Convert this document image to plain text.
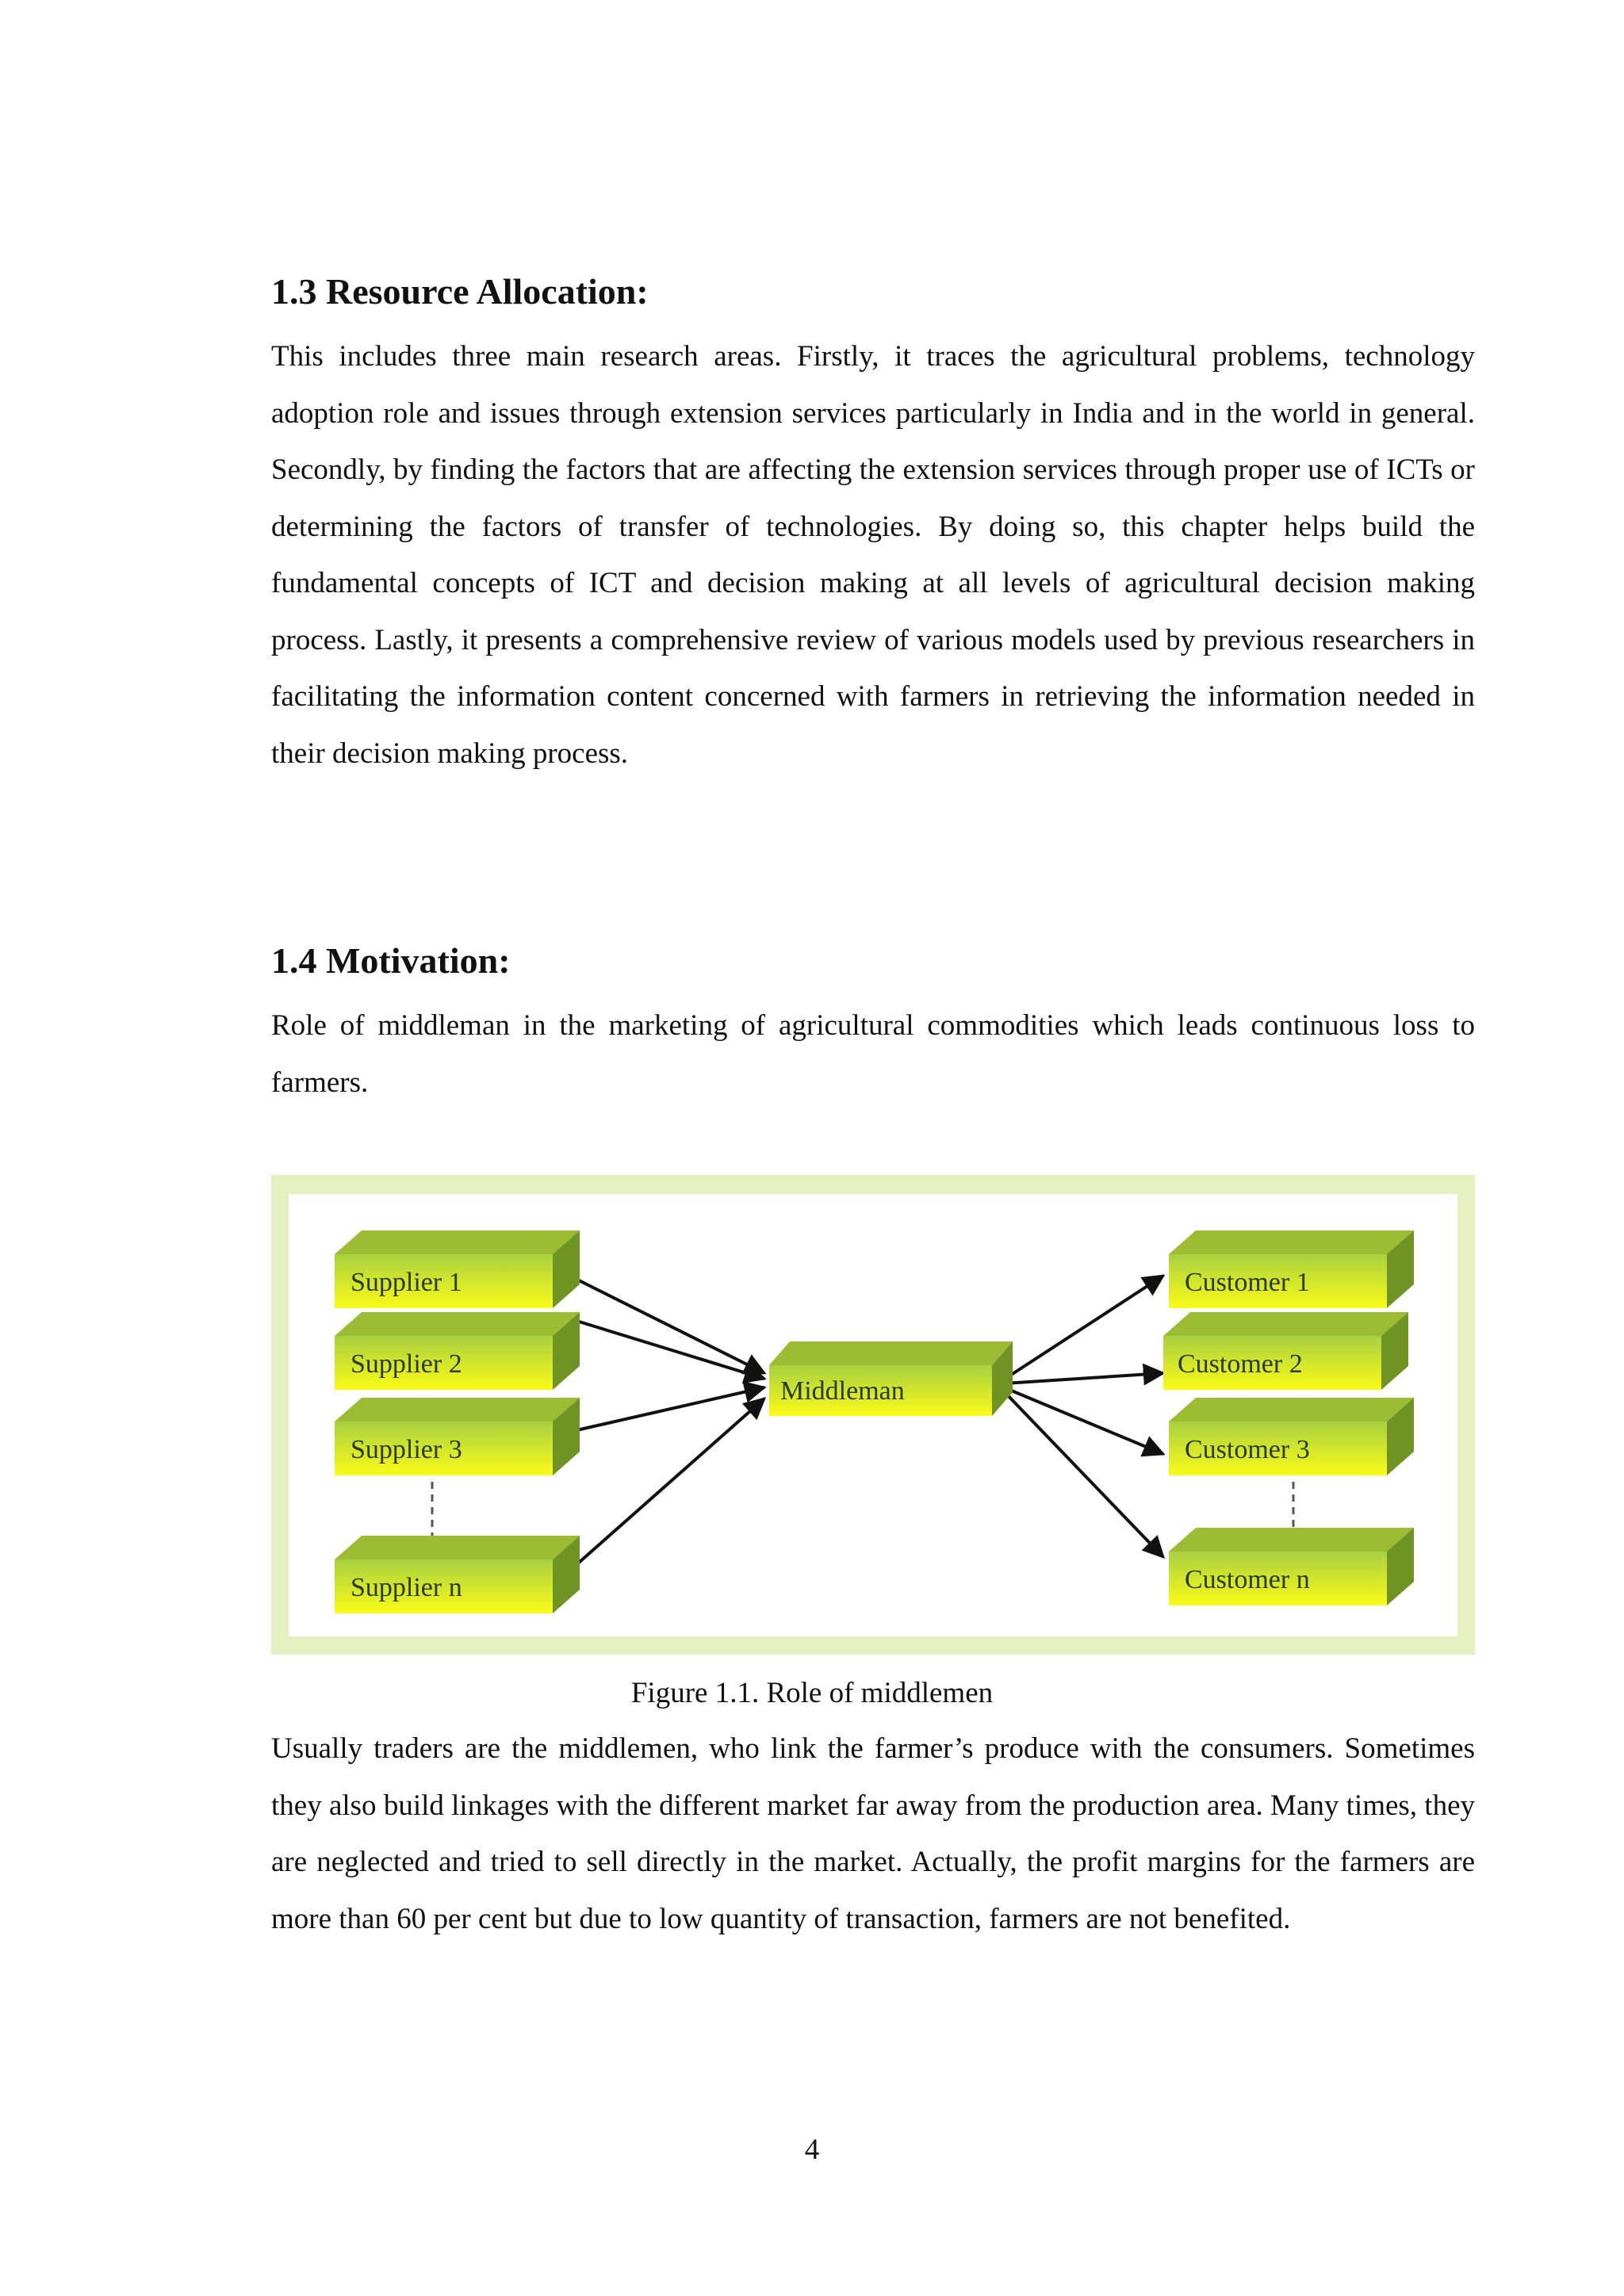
1.3 Resource Allocation:

This includes three main research areas. Firstly, it traces the agricultural problems, technology adoption role and issues through extension services particularly in India and in the world in general. Secondly, by finding the factors that are affecting the extension services through proper use of ICTs or determining the factors of transfer of technologies. By doing so, this chapter helps build the fundamental concepts of ICT and decision making at all levels of agricultural decision making process. Lastly, it presents a comprehensive review of various models used by previous researchers in facilitating the information content concerned with farmers in retrieving the information needed in their decision making process.

1.4 Motivation:

Role of middleman in the marketing of agricultural commodities which leads continuous loss to farmers.

Supplier 1
Supplier 2
Supplier 3
Supplier n
Middleman
Customer 1
Customer 2
Customer 3
Customer n

Figure 1.1. Role of middlemen

Usually traders are the middlemen, who link the farmer’s produce with the consumers. Sometimes they also build linkages with the different market far away from the production area. Many times, they are neglected and tried to sell directly in the market. Actually, the profit margins for the farmers are more than 60 per cent but due to low quantity of transaction, farmers are not benefited.

4
